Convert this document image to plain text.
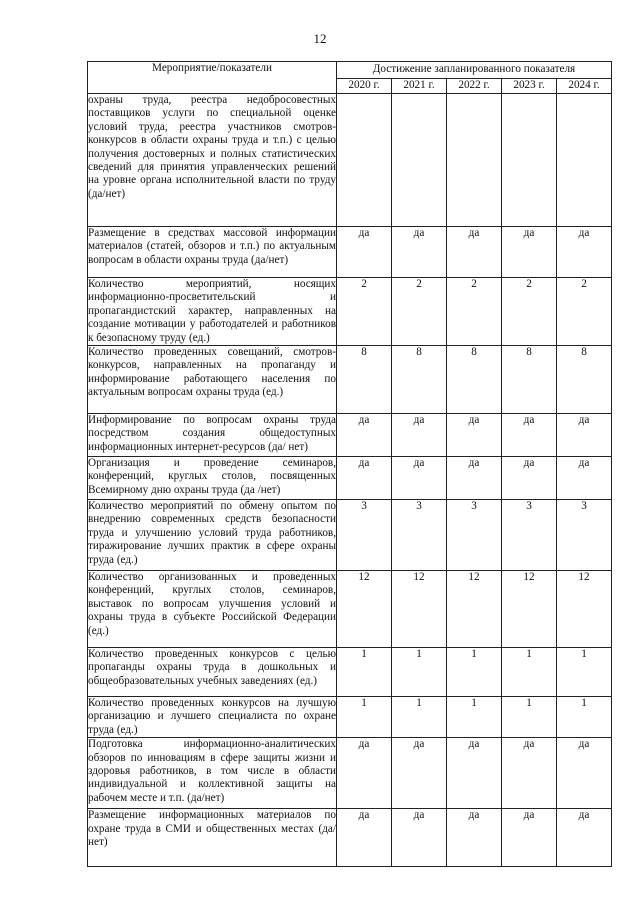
12
Мероприятие/показатели	Достижение запланированного показателя				
	2020 г.	2021 г.	2022 г.	2023 г.	2024 г.
охраны труда, реестра недобросовестных поставщиков услуги по специальной оценке условий труда, реестра участников смотров-конкурсов в области охраны труда и т.п.) с целью получения достоверных и полных статистических сведений для принятия управленческих решений на уровне органа исполнительной власти по труду (да/нет)					
Размещение в средствах массовой информации материалов (статей, обзоров и т.п.) по актуальным вопросам в области охраны труда (да/нет)	да	да	да	да	да
Количество мероприятий, носящих информационно-просветительский и пропагандистский характер, направленных на создание мотивации у работодателей и работников к безопасному труду (ед.)	2	2	2	2	2
Количество проведенных совещаний, смотров-конкурсов, направленных на пропаганду и информирование работающего населения по актуальным вопросам охраны труда (ед.)	8	8	8	8	8
Информирование по вопросам охраны труда посредством создания общедоступных информационных интернет-ресурсов (да/ нет)	да	да	да	да	да
Организация и проведение семинаров, конференций, круглых столов, посвященных Всемирному дню охраны труда (да /нет)	да	да	да	да	да
Количество мероприятий по обмену опытом по внедрению современных средств безопасности труда и улучшению условий труда работников, тиражирование лучших практик в сфере охраны труда (ед.)	3	3	3	3	3
Количество организованных и проведенных конференций, круглых столов, семинаров, выставок по вопросам улучшения условий и охраны труда в субъекте Российской Федерации (ед.)	12	12	12	12	12
Количество проведенных конкурсов с целью пропаганды охраны труда в дошкольных и общеобразовательных учебных заведениях (ед.)	1	1	1	1	1
Количество проведенных конкурсов на лучшую организацию и лучшего специалиста по охране труда (ед.)	1	1	1	1	1
Подготовка информационно-аналитических обзоров по инновациям в сфере защиты жизни и здоровья работников, в том числе в области индивидуальной и коллективной защиты на рабочем месте и т.п. (да/нет)	да	да	да	да	да
Размещение информационных материалов по охране труда в СМИ и общественных местах (да/нет)	да	да	да	да	да
